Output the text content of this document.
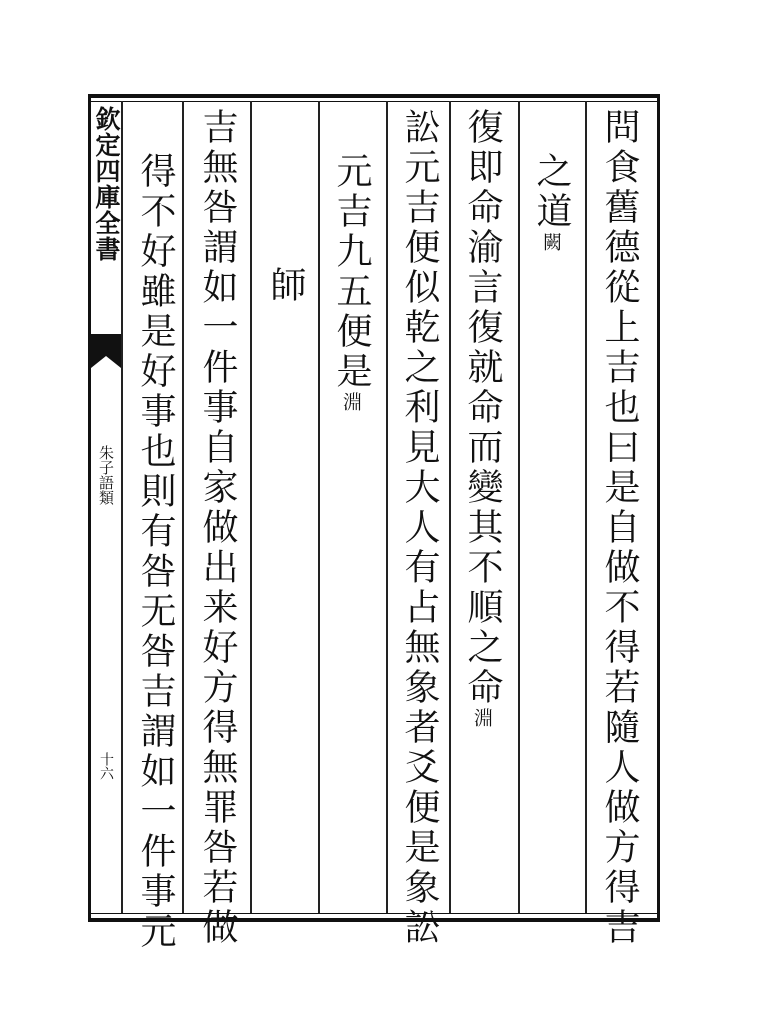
欽定四庫全書
朱子語類
十六	問食舊德從上吉也曰是自做不得若隨人做方得吉
之道闕
復即命渝言復就命而變其不順之命淵
訟元吉便似乾之利見大人有占無象者爻便是象訟
元吉九五便是淵
師
吉無咎謂如一件事自家做出来好方得無罪咎若做
得不好雖是好事也則有咎无咎吉謂如一件事元
